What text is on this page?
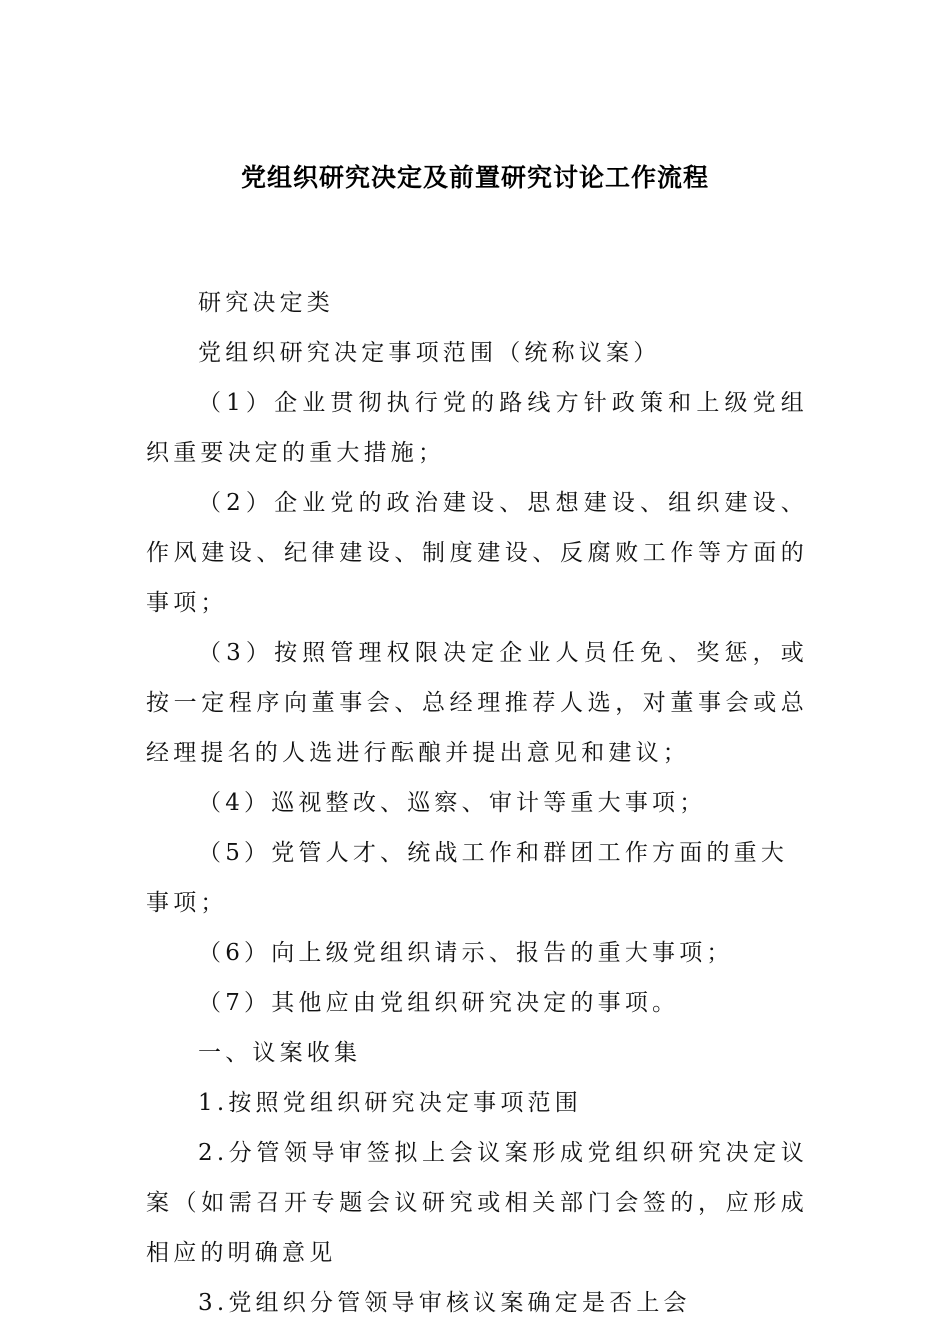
党组织研究决定及前置研究讨论工作流程

研究决定类

党组织研究决定事项范围（统称议案）

（1）企业贯彻执行党的路线方针政策和上级党组织重要决定的重大措施；

（2）企业党的政治建设、思想建设、组织建设、作风建设、纪律建设、制度建设、反腐败工作等方面的事项；

（3）按照管理权限决定企业人员任免、奖惩，或按一定程序向董事会、总经理推荐人选，对董事会或总经理提名的人选进行酝酿并提出意见和建议；

（4）巡视整改、巡察、审计等重大事项；

（5）党管人才、统战工作和群团工作方面的重大事项；

（6）向上级党组织请示、报告的重大事项；

（7）其他应由党组织研究决定的事项。

一、议案收集

1.按照党组织研究决定事项范围

2.分管领导审签拟上会议案形成党组织研究决定议案（如需召开专题会议研究或相关部门会签的，应形成相应的明确意见

3.党组织分管领导审核议案确定是否上会
